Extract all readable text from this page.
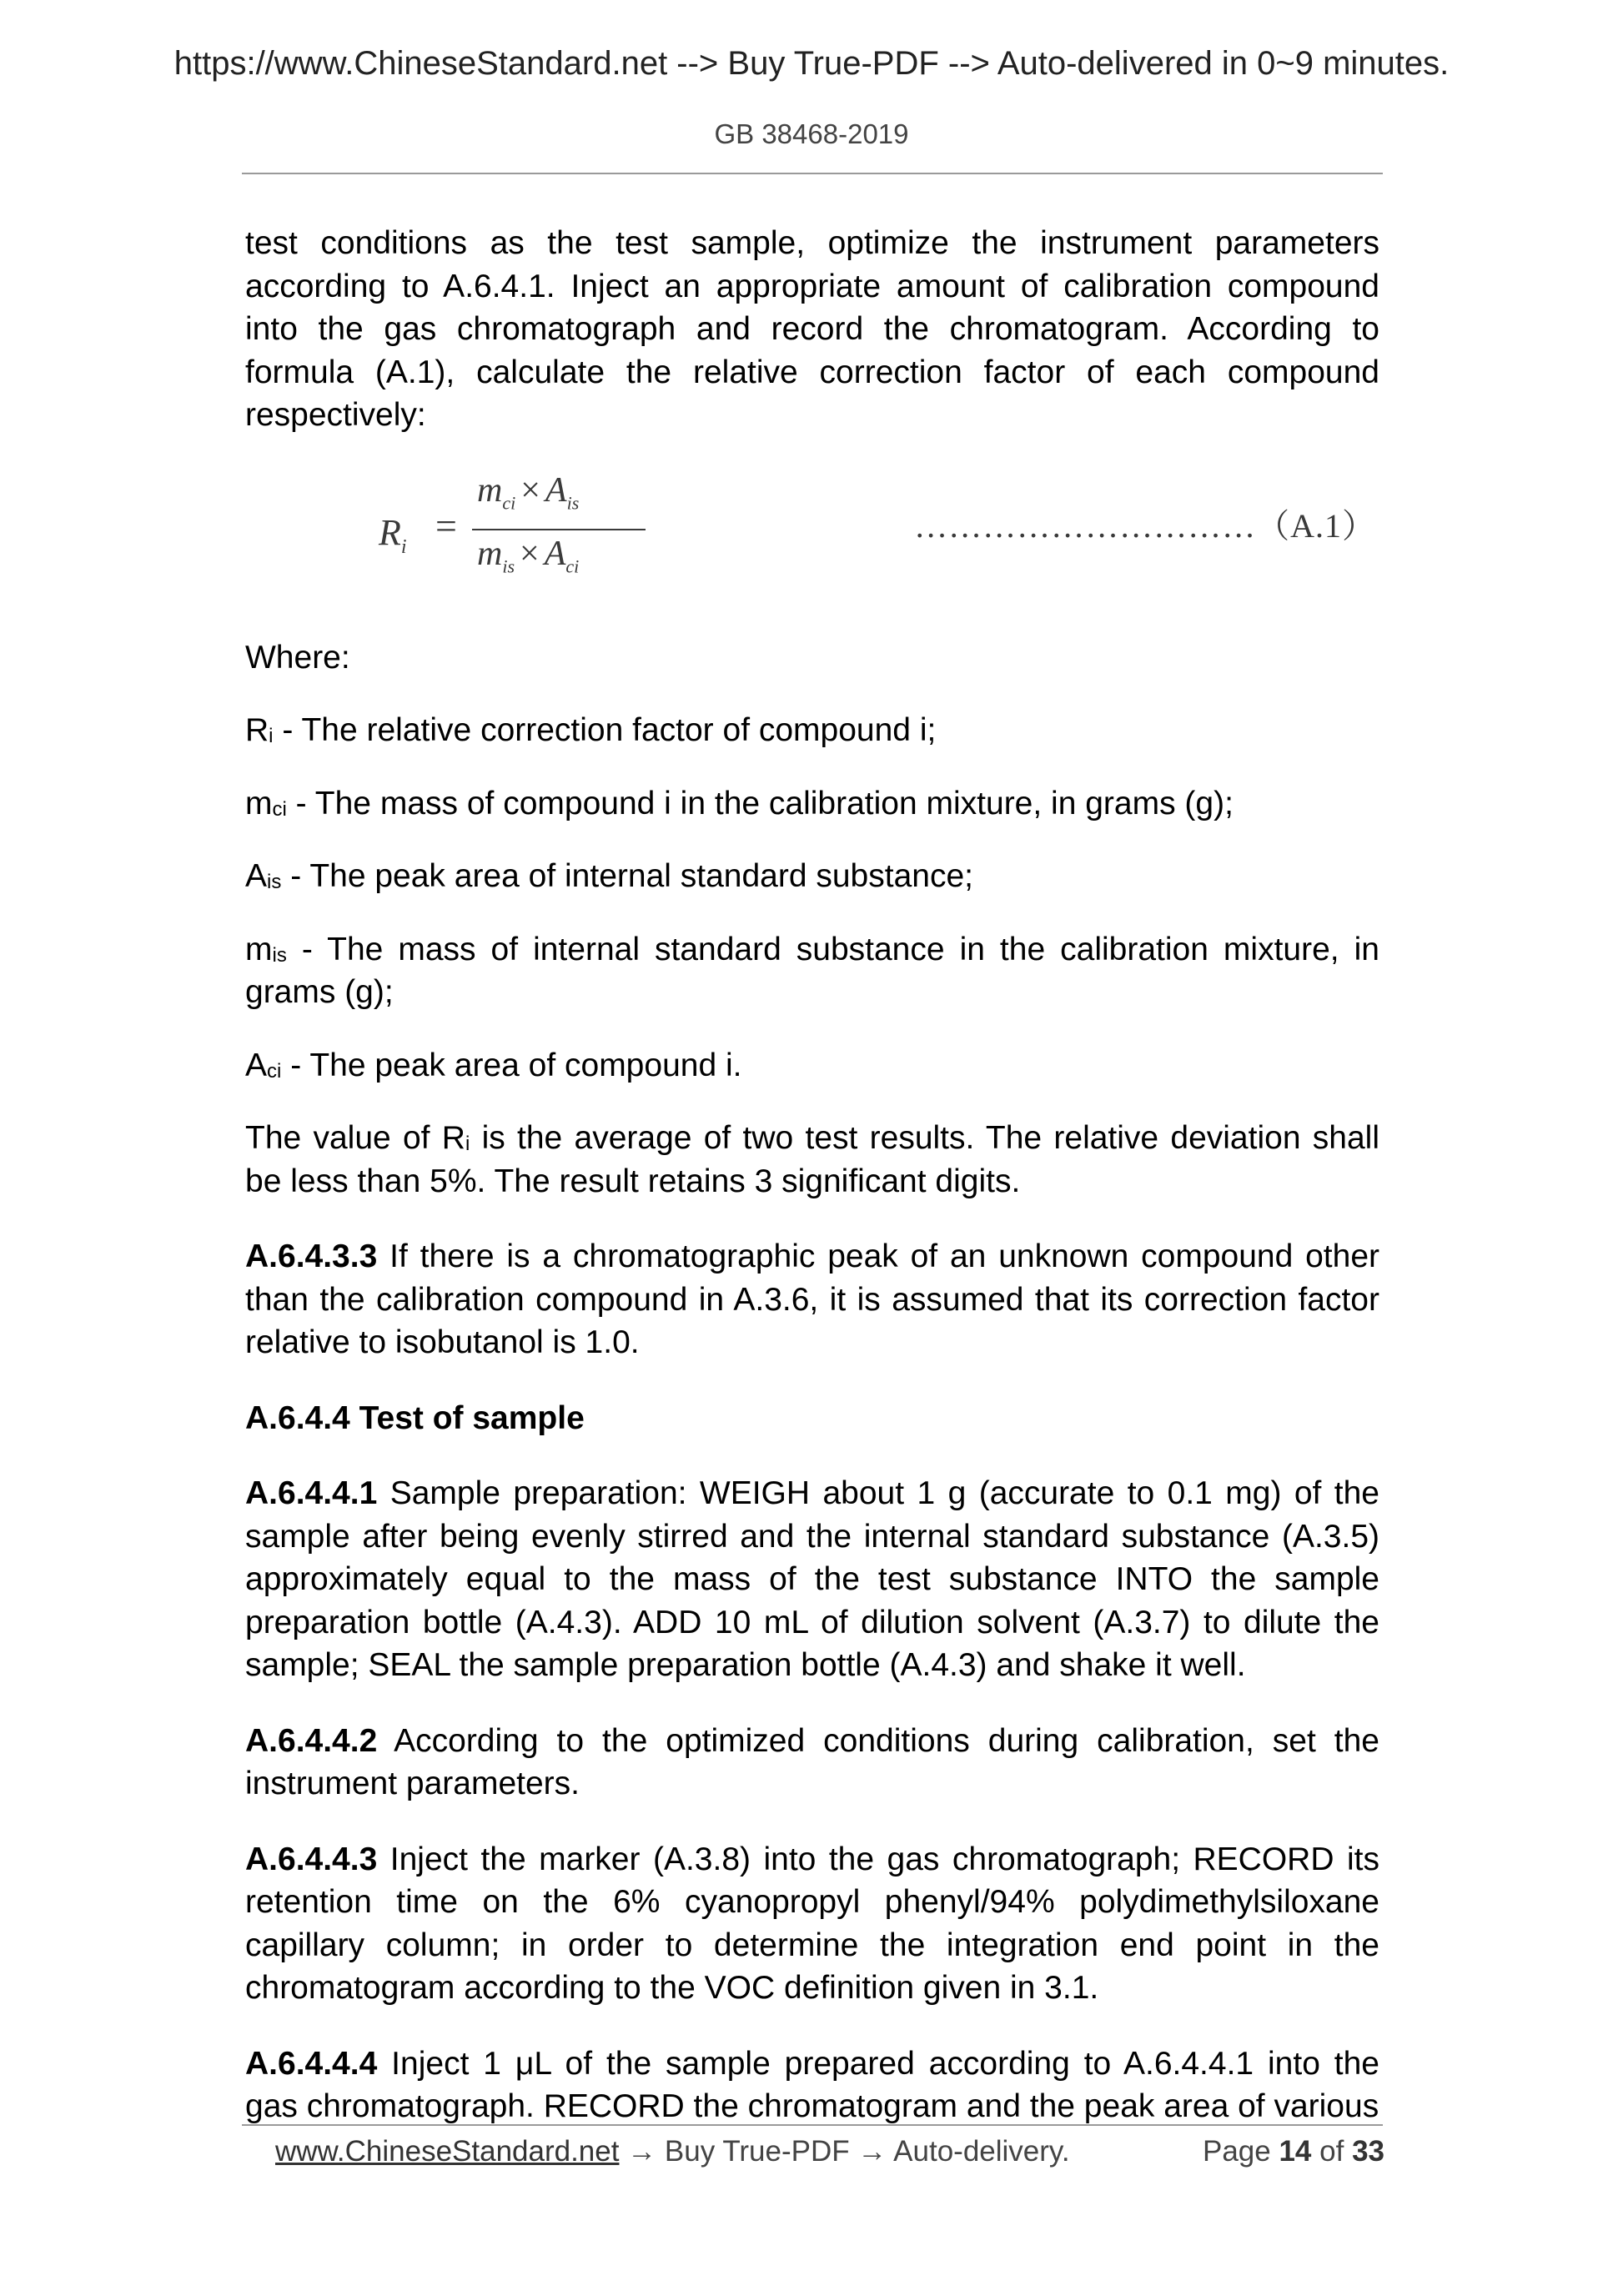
https://www.ChineseStandard.net --> Buy True-PDF --> Auto-delivered in 0~9 minutes.
GB 38468-2019

test conditions as the test sample, optimize the instrument parameters according to A.6.4.1. Inject an appropriate amount of calibration compound into the gas chromatograph and record the chromatogram. According to formula (A.1), calculate the relative correction factor of each compound respectively:

$R_i$ =
$m_{ci} \times A_{is}$
$m_{is} \times A_{ci}$
…………………………（A.1）

Where:

$R_i$ - The relative correction factor of compound i;

$m_{ci}$ - The mass of compound i in the calibration mixture, in grams (g);

$A_{is}$ - The peak area of internal standard substance;

$m_{is}$ - The mass of internal standard substance in the calibration mixture, in grams (g);

$A_{ci}$ - The peak area of compound i.

The value of $R_i$ is the average of two test results. The relative deviation shall be less than 5%. The result retains 3 significant digits.

A.6.4.3.3 If there is a chromatographic peak of an unknown compound other than the calibration compound in A.3.6, it is assumed that its correction factor relative to isobutanol is 1.0.

A.6.4.4 Test of sample

A.6.4.4.1 Sample preparation: WEIGH about 1 g (accurate to 0.1 mg) of the sample after being evenly stirred and the internal standard substance (A.3.5) approximately equal to the mass of the test substance INTO the sample preparation bottle (A.4.3). ADD 10 mL of dilution solvent (A.3.7) to dilute the sample; SEAL the sample preparation bottle (A.4.3) and shake it well.

A.6.4.4.2 According to the optimized conditions during calibration, set the instrument parameters.

A.6.4.4.3 Inject the marker (A.3.8) into the gas chromatograph; RECORD its retention time on the 6% cyanopropyl phenyl/94% polydimethylsiloxane capillary column; in order to determine the integration end point in the chromatogram according to the VOC definition given in 3.1.

A.6.4.4.4 Inject 1 μL of the sample prepared according to A.6.4.4.1 into the gas chromatograph. RECORD the chromatogram and the peak area of various

www.ChineseStandard.net → Buy True-PDF → Auto-delivery.	Page 14 of 33
